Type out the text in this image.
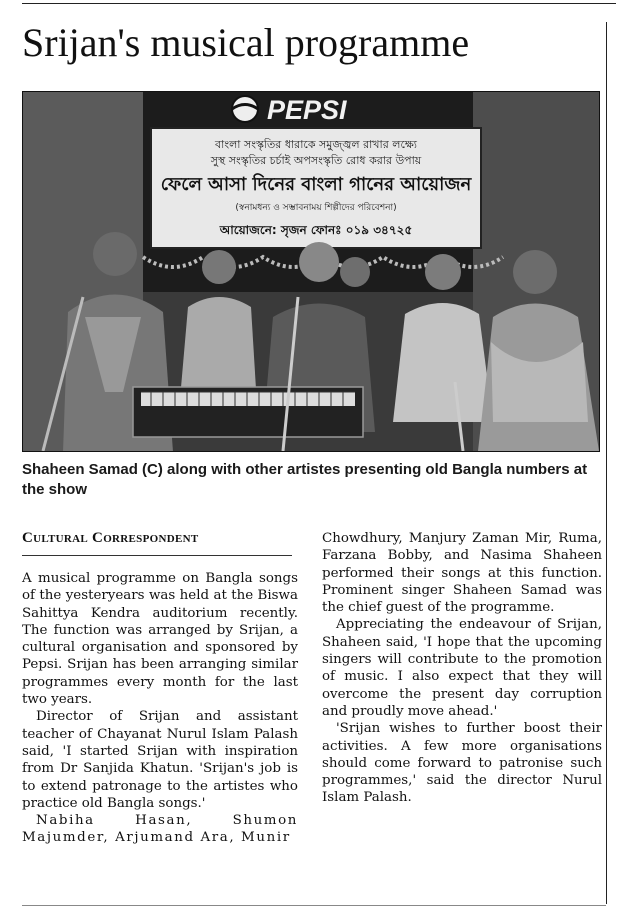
Srijan's musical programme
PEPSI
বাংলা সংস্কৃতির ধারাকে সমুজ্জ্বল রাখার লক্ষ্যে
সুস্থ সংস্কৃতির চর্চাই অপসংস্কৃতি রোধ করার উপায়
ফেলে আসা দিনের বাংলা গানের আয়োজন
(স্বনামধন্য ও সম্ভাবনাময় শিল্পীদের পরিবেশনা)
আয়োজনে: সৃজন ফোনঃ ০১৯ ৩৪৭২৫
Shaheen Samad (C) along with other artistes presenting old Bangla numbers at the show
Cultural Correspondent

A musical programme on Bangla songs of the yesteryears was held at the Biswa Sahittya Kendra auditorium recently. The function was arranged by Srijan, a cultural organisation and sponsored by Pepsi. Srijan has been arranging similar programmes every month for the last two years.

Director of Srijan and assistant teacher of Chayanat Nurul Islam Palash said, 'I started Srijan with inspiration from Dr Sanjida Khatun. 'Srijan's job is to extend patronage to the artistes who practice old Bangla songs.'

Nabiha Hasan, Shumon Majumder, Arjumand Ara, Munir

Chowdhury, Manjury Zaman Mir, Ruma, Farzana Bobby, and Nasima Shaheen performed their songs at this function. Prominent singer Shaheen Samad was the chief guest of the programme.

Appreciating the endeavour of Srijan, Shaheen said, 'I hope that the upcoming singers will contribute to the promotion of music. I also expect that they will overcome the present day corruption and proudly move ahead.'

'Srijan wishes to further boost their activities. A few more organisations should come forward to patronise such programmes,' said the director Nurul Islam Palash.
